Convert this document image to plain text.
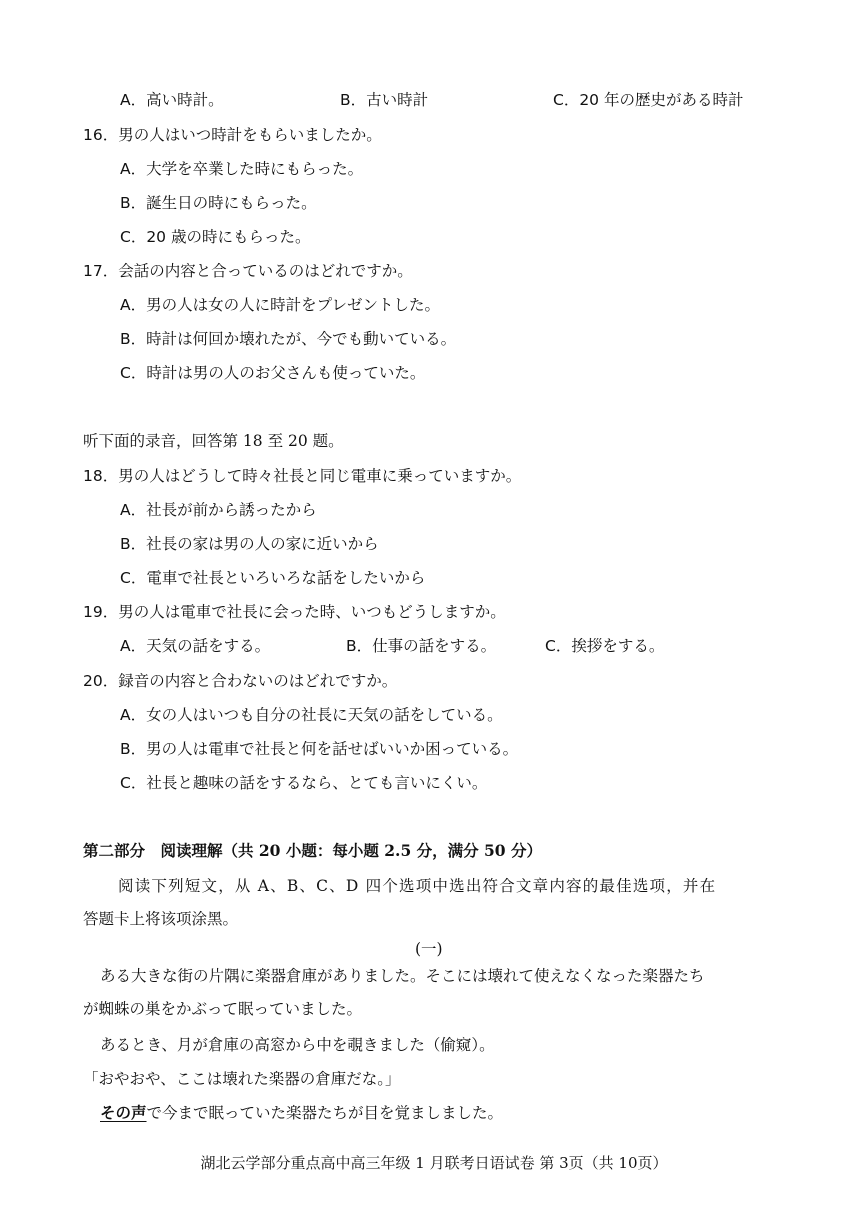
A．高い時計。	B．古い時計	C．20 年の歴史がある時計
16．男の人はいつ時計をもらいましたか。
A．大学を卒業した時にもらった。
B．誕生日の時にもらった。
C．20 歳の時にもらった。
17．会話の内容と合っているのはどれですか。
A．男の人は女の人に時計をプレゼントした。
B．時計は何回か壊れたが、今でも動いている。
C．時計は男の人のお父さんも使っていた。
听下面的录音，回答第 18 至 20 题。
18．男の人はどうして時々社長と同じ電車に乗っていますか。
A．社長が前から誘ったから
B．社長の家は男の人の家に近いから
C．電車で社長といろいろな話をしたいから
19．男の人は電車で社長に会った時、いつもどうしますか。
A．天気の話をする。	B．仕事の話をする。	C．挨拶をする。
20．録音の内容と合わないのはどれですか。
A．女の人はいつも自分の社長に天気の話をしている。
B．男の人は電車で社長と何を話せばいいか困っている。
C．社長と趣味の話をするなら、とても言いにくい。
第二部分　阅读理解（共 20 小题：每小题 2.5 分，满分 50 分）
阅读下列短文，从 A、B、C、D 四个选项中选出符合文章内容的最佳选项，并在
答题卡上将该项涂黑。
(一)
ある大きな街の片隅に楽器倉庫がありました。そこには壊れて使えなくなった楽器たち
が蜘蛛の巣をかぶって眠っていました。
あるとき、月が倉庫の高窓から中を覗きました（偷窥）。
「おやおや、ここは壊れた楽器の倉庫だな。」
その声で今まで眠っていた楽器たちが目を覚ましました。
湖北云学部分重点高中高三年级 1 月联考日语试卷 第 3页（共 10页）
